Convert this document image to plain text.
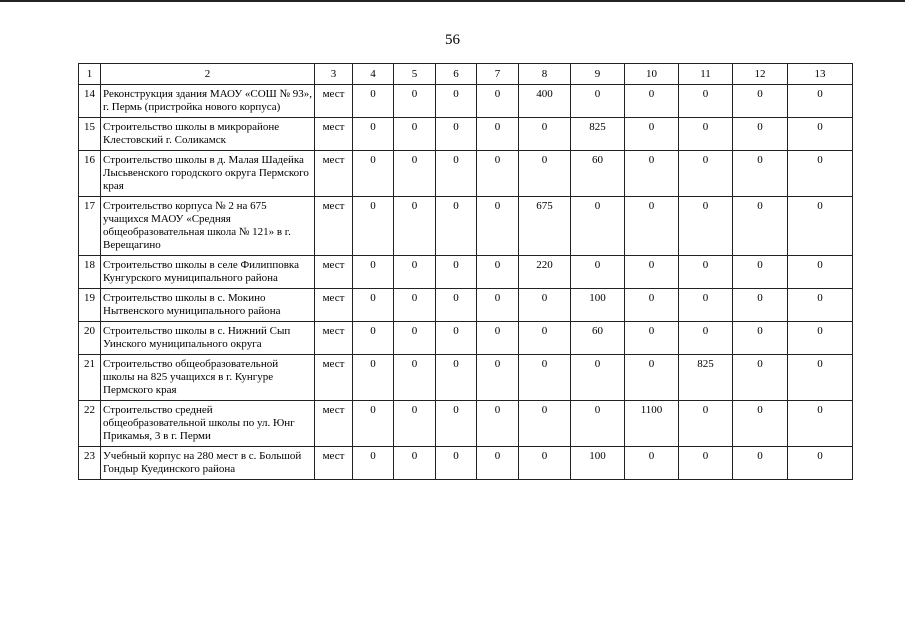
56
1	2	3	4	5	6	7	8	9	10	11	12	13
14	Реконструкция здания МАОУ «СОШ № 93», г. Пермь (пристройка нового корпуса)	мест	0	0	0	0	400	0	0	0	0	0
15	Строительство школы в микрорайоне Клестовский г. Соликамск	мест	0	0	0	0	0	825	0	0	0	0
16	Строительство школы в д. Малая Шадейка Лысьвенского городского округа Пермского края	мест	0	0	0	0	0	60	0	0	0	0
17	Строительство корпуса № 2 на 675 учащихся МАОУ «Средняя общеобразовательная школа № 121» в г. Верещагино	мест	0	0	0	0	675	0	0	0	0	0
18	Строительство школы в селе Филипповка Кунгурского муниципального района	мест	0	0	0	0	220	0	0	0	0	0
19	Строительство школы в с. Мокино Нытвенского муниципального района	мест	0	0	0	0	0	100	0	0	0	0
20	Строительство школы в с. Нижний Сып Уинского муниципального округа	мест	0	0	0	0	0	60	0	0	0	0
21	Строительство общеобразовательной школы на 825 учащихся в г. Кунгуре Пермского края	мест	0	0	0	0	0	0	0	825	0	0
22	Строительство средней общеобразовательной школы по ул. Юнг Прикамья, 3 в г. Перми	мест	0	0	0	0	0	0	1100	0	0	0
23	Учебный корпус на 280 мест в с. Большой Гондыр Куединского района	мест	0	0	0	0	0	100	0	0	0	0
